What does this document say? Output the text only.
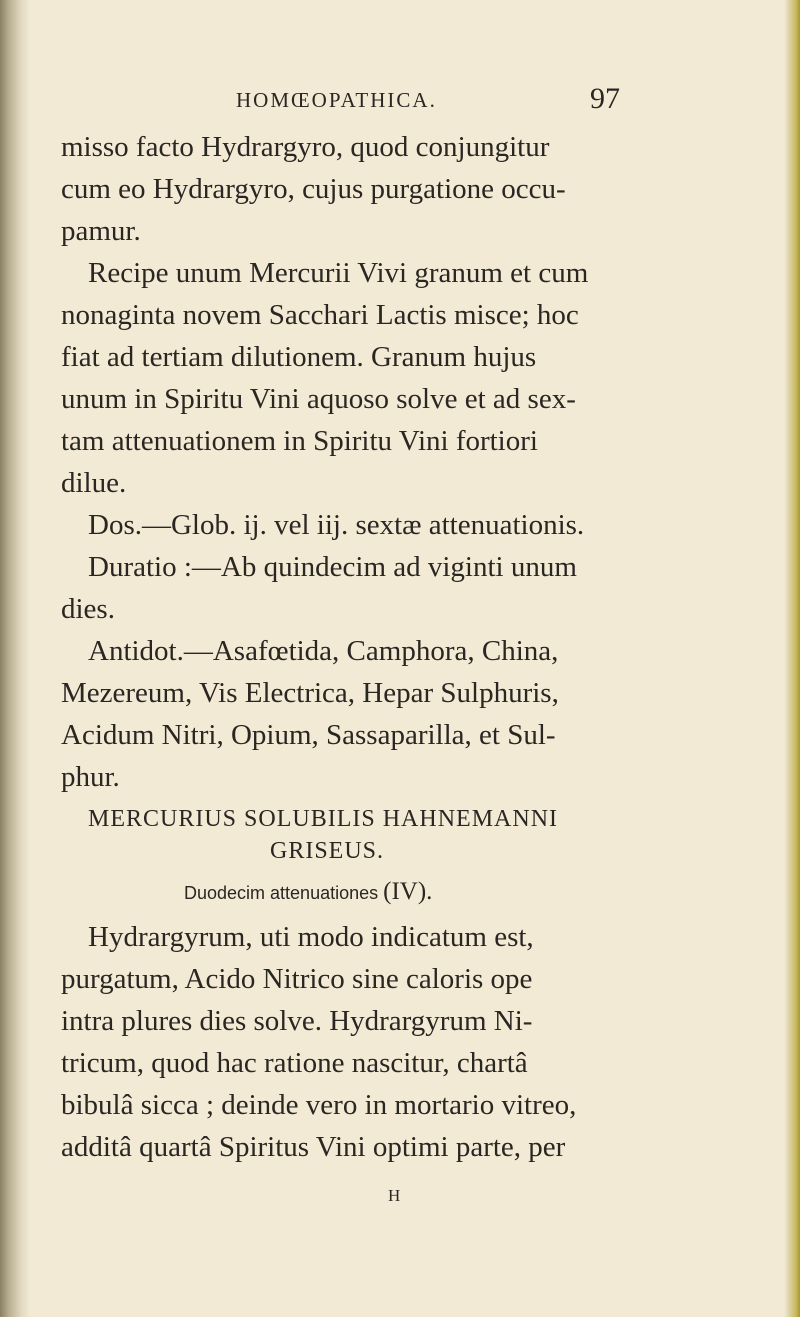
HOMŒOPATHICA.	97
misso facto Hydrargyro, quod conjungitur
cum eo Hydrargyro, cujus purgatione occu-
pamur.
Recipe unum Mercurii Vivi granum et cum
nonaginta novem Sacchari Lactis misce; hoc
fiat ad tertiam dilutionem. Granum hujus
unum in Spiritu Vini aquoso solve et ad sex-
tam attenuationem in Spiritu Vini fortiori
dilue.
Dos.—Glob. ij. vel iij. sextæ attenuationis.
Duratio :—Ab quindecim ad viginti unum
dies.
Antidot.—Asafœtida, Camphora, China,
Mezereum, Vis Electrica, Hepar Sulphuris,
Acidum Nitri, Opium, Sassaparilla, et Sul-
phur.
MERCURIUS SOLUBILIS HAHNEMANNI
GRISEUS.
Duodecim attenuationes (IV).
Hydrargyrum, uti modo indicatum est,
purgatum, Acido Nitrico sine caloris ope
intra plures dies solve. Hydrargyrum Ni-
tricum, quod hac ratione nascitur, chartâ
bibulâ sicca ; deinde vero in mortario vitreo,
additâ quartâ Spiritus Vini optimi parte, per
H
